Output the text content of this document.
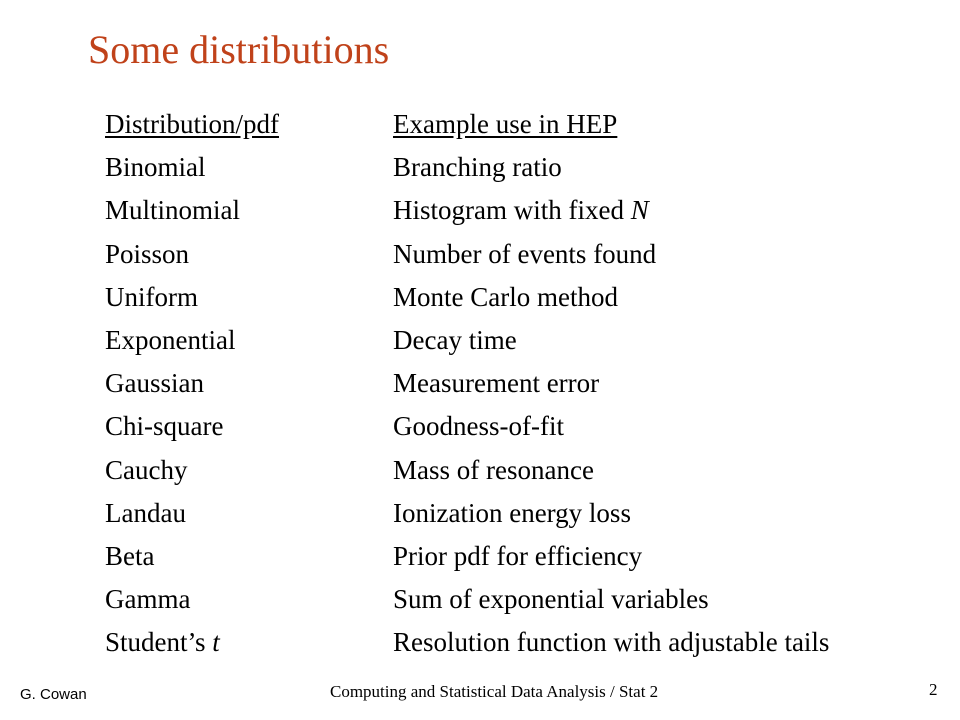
Some distributions
Distribution/pdf	Example use in HEP
Binomial	Branching ratio
Multinomial	Histogram with fixed N
Poisson	Number of events found
Uniform	Monte Carlo method
Exponential	Decay time
Gaussian	Measurement error
Chi-square	Goodness-of-fit
Cauchy	Mass of resonance
Landau	Ionization energy loss
Beta	Prior pdf for efficiency
Gamma	Sum of exponential variables
Student’s t	Resolution function with adjustable tails
G. Cowan	Computing and Statistical Data Analysis / Stat 2	2
